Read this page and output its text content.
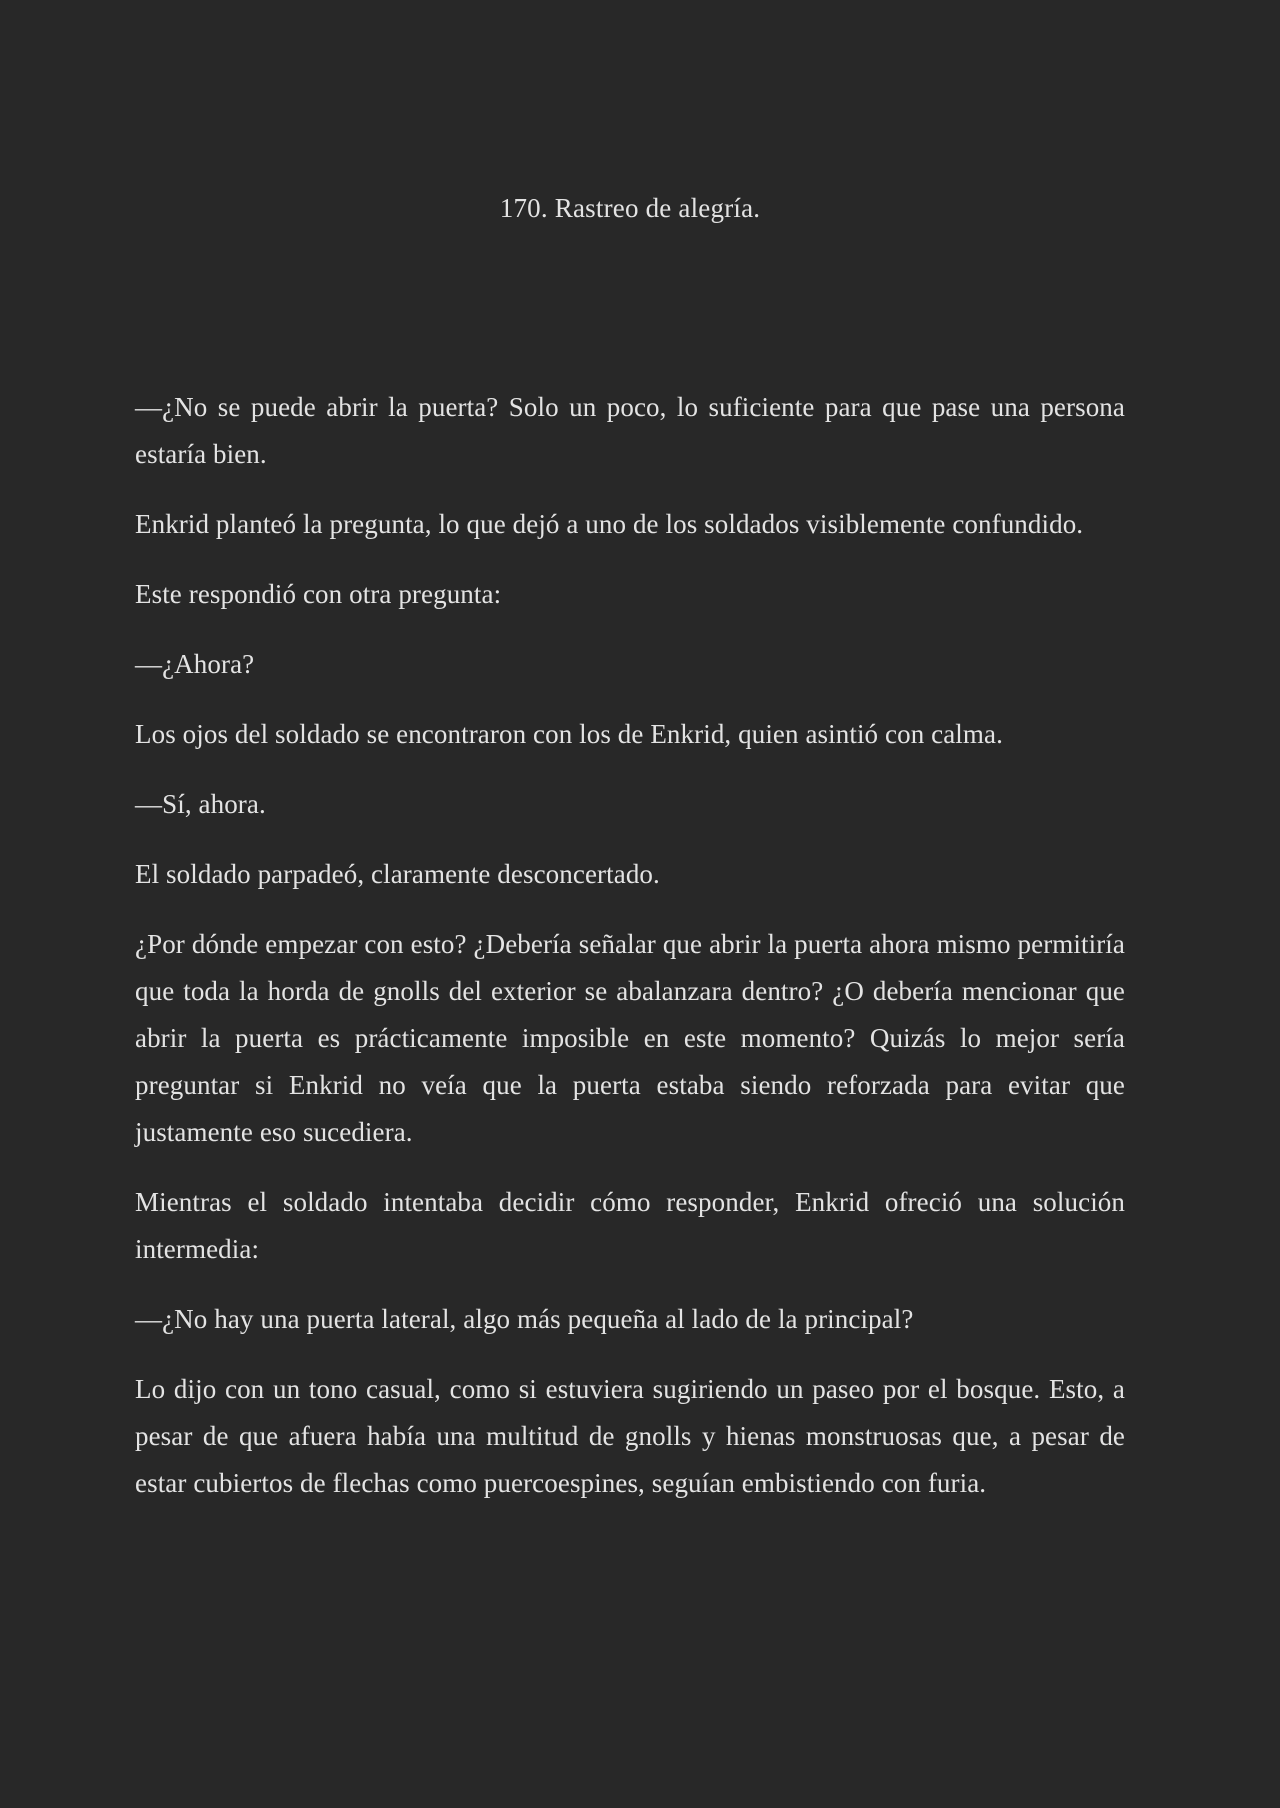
170. Rastreo de alegría.

—¿No se puede abrir la puerta? Solo un poco, lo suficiente para que pase una persona estaría bien.

Enkrid planteó la pregunta, lo que dejó a uno de los soldados visiblemente confundido.

Este respondió con otra pregunta:

—¿Ahora?

Los ojos del soldado se encontraron con los de Enkrid, quien asintió con calma.

—Sí, ahora.

El soldado parpadeó, claramente desconcertado.

¿Por dónde empezar con esto? ¿Debería señalar que abrir la puerta ahora mismo permitiría que toda la horda de gnolls del exterior se abalanzara dentro? ¿O debería mencionar que abrir la puerta es prácticamente imposible en este momento? Quizás lo mejor sería preguntar si Enkrid no veía que la puerta estaba siendo reforzada para evitar que justamente eso sucediera.

Mientras el soldado intentaba decidir cómo responder, Enkrid ofreció una solución intermedia:

—¿No hay una puerta lateral, algo más pequeña al lado de la principal?

Lo dijo con un tono casual, como si estuviera sugiriendo un paseo por el bosque. Esto, a pesar de que afuera había una multitud de gnolls y hienas monstruosas que, a pesar de estar cubiertos de flechas como puercoespines, seguían embistiendo con furia.
